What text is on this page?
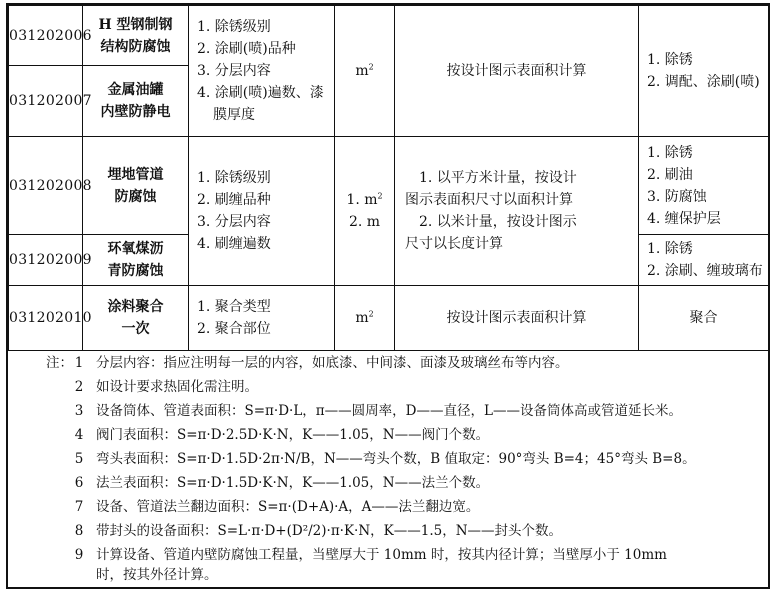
031202006	H 型钢制钢
结构防腐蚀	1. 除锈级别
2. 涂刷(喷)品种
3. 分层内容
4. 涂刷(喷)遍数、漆
膜厚度	$m^2$	按设计图示表面积计算	1. 除锈
2. 调配、涂刷(喷)

031202007	金属油罐
内壁防静电				

031202008	埋地管道
防腐蚀	1. 除锈级别
2. 刷缠品种
3. 分层内容
4. 刷缠遍数	1. $m^2$
2. m	1. 以平方米计量，按设计
图示表面积尺寸以面积计算
2. 以米计量，按设计图示
尺寸以长度计算	1. 除锈
2. 刷油
3. 防腐蚀
4. 缠保护层

031202009	环氧煤沥
青防腐蚀				1. 除锈
2. 涂刷、缠玻璃布

031202010	涂料聚合
一次	1. 聚合类型
2. 聚合部位	$m^2$	按设计图示表面积计算	聚合
注： 1 分层内容：指应注明每一层的内容，如底漆、中间漆、面漆及玻璃丝布等内容。
2 如设计要求热固化需注明。
3 设备筒体、管道表面积：S=π·D·L，π——圆周率，D——直径，L——设备筒体高或管道延长米。
4 阀门表面积：S=π·D·2.5D·K·N，K——1.05，N——阀门个数。
5 弯头表面积：S=π·D·1.5D·2π·N/B，N——弯头个数，B 值取定：90°弯头 B=4；45°弯头 B=8。
6 法兰表面积：S=π·D·1.5D·K·N，K——1.05，N——法兰个数。
7 设备、管道法兰翻边面积：S=π·(D+A)·A，A——法兰翻边宽。
8 带封头的设备面积：S=L·π·D+(D²/2)·π·K·N，K——1.5，N——封头个数。
9 计算设备、管道内壁防腐蚀工程量，当壁厚大于 10mm 时，按其内径计算；当壁厚小于 10mm
时，按其外径计算。
